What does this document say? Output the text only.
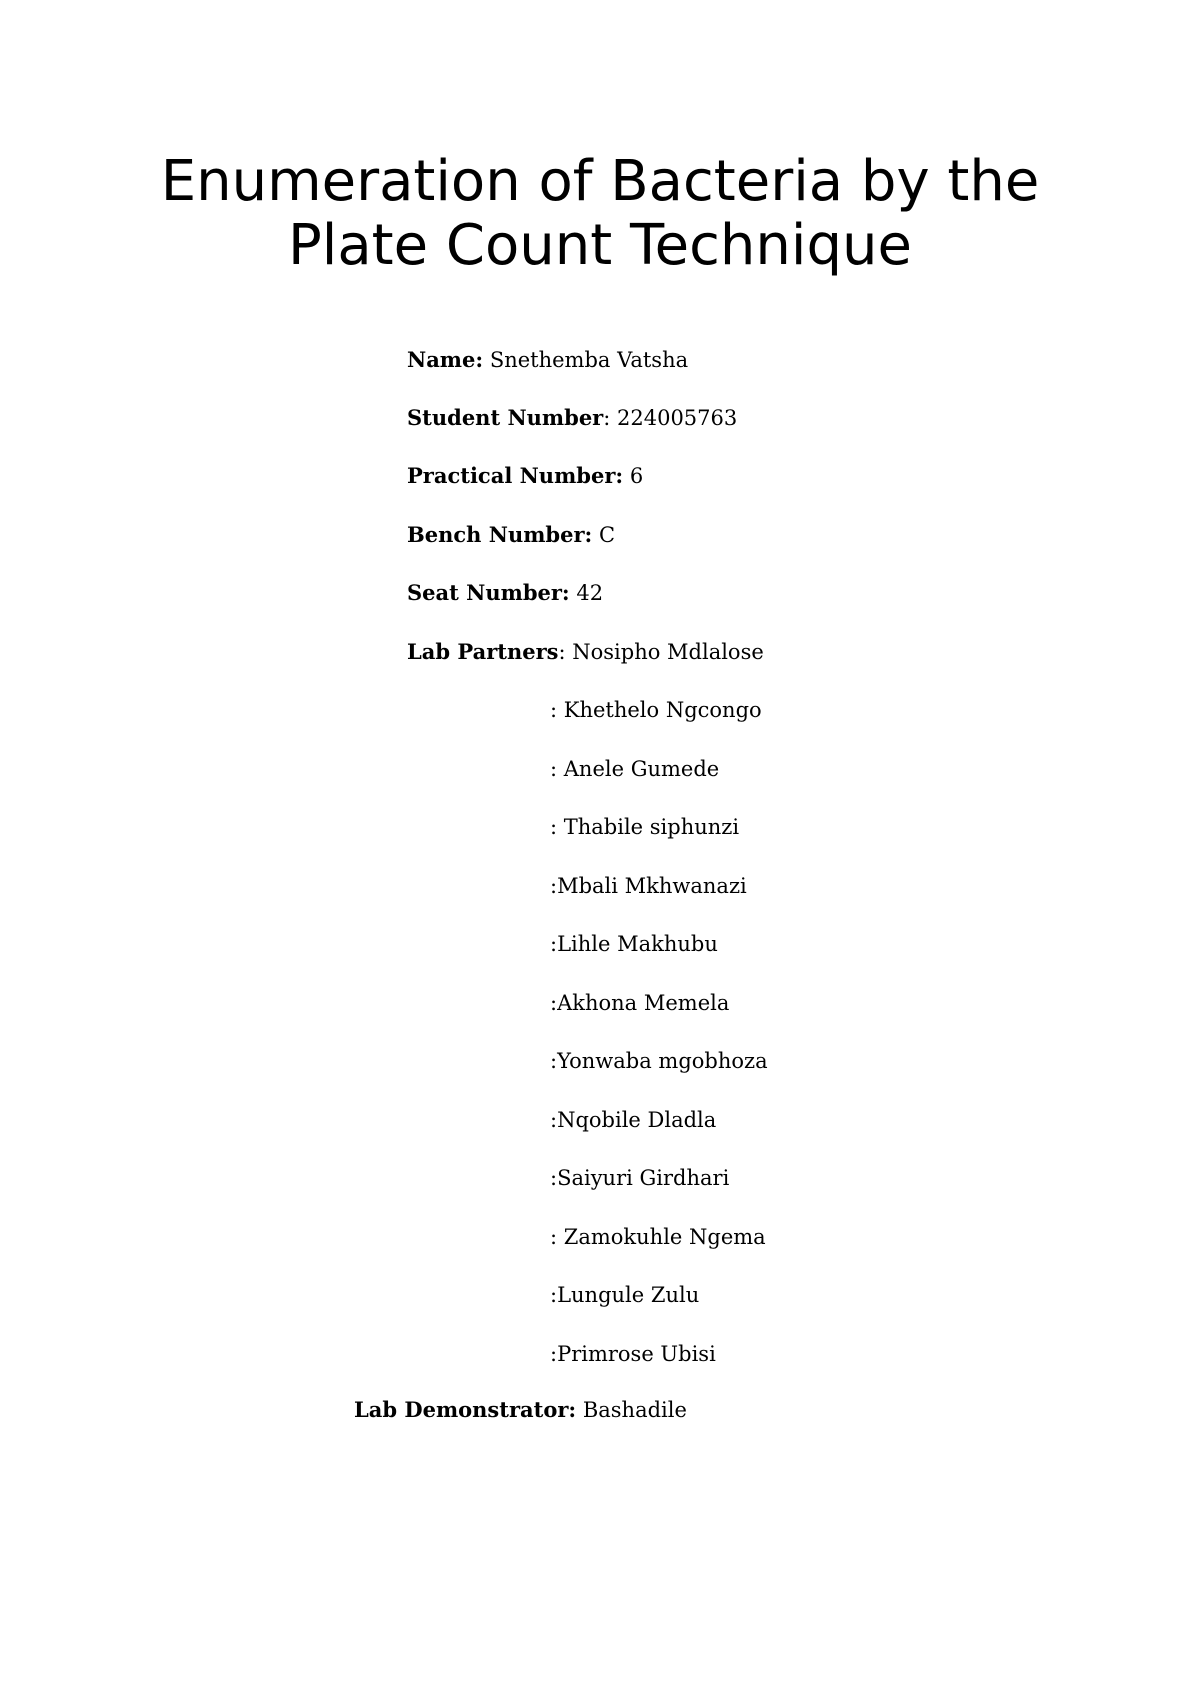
Enumeration of Bacteria by the
Plate Count Technique
Name: Snethemba Vatsha
Student Number: 224005763
Practical Number: 6
Bench Number: C
Seat Number: 42
Lab Partners: Nosipho Mdlalose
: Khethelo Ngcongo
: Anele Gumede
: Thabile siphunzi
:Mbali Mkhwanazi
:Lihle Makhubu
:Akhona Memela
:Yonwaba mgobhoza
:Nqobile Dladla
:Saiyuri Girdhari
: Zamokuhle Ngema
:Lungule Zulu
:Primrose Ubisi
Lab Demonstrator: Bashadile
